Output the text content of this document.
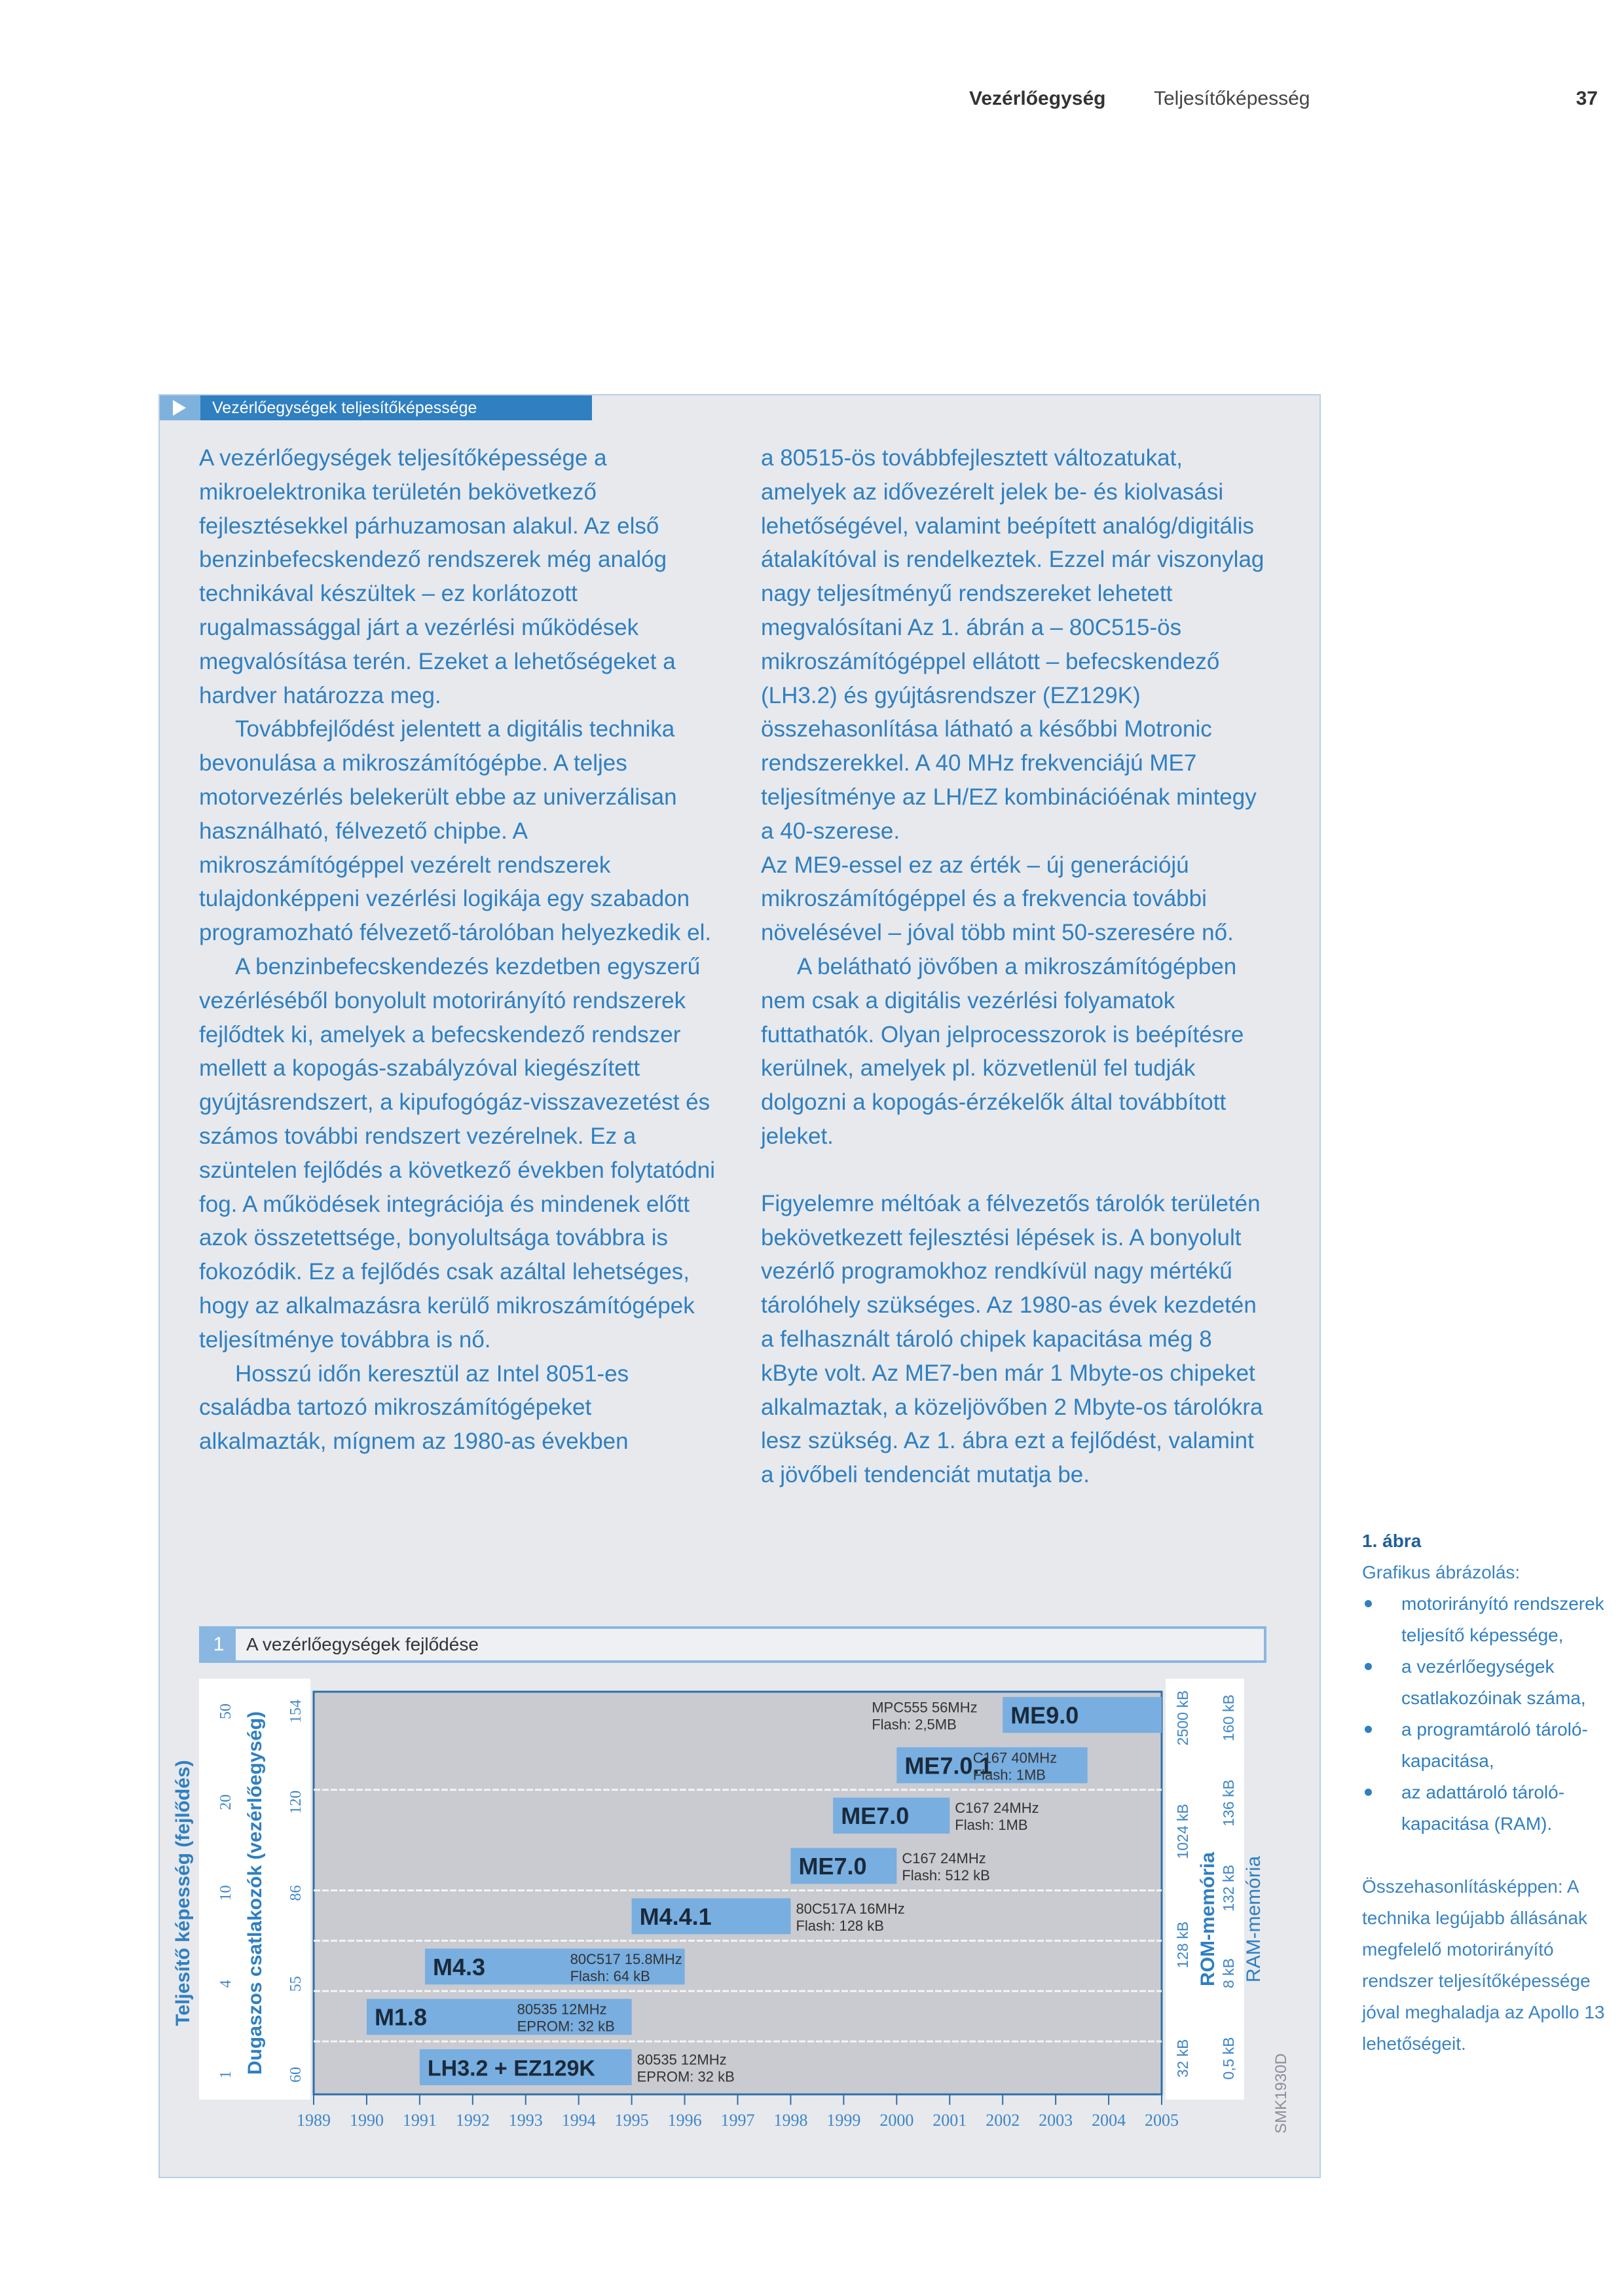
Vezérlőegység Teljesítőképesség	37
Vezérlőegységek teljesítőképessége

A vezérlőegységek teljesítőképessége a mikroelektronika területén bekövetkező fejlesztésekkel párhuzamosan alakul. Az első benzinbefecskendező rendszerek még analóg technikával készültek – ez korlátozott rugalmassággal járt a vezérlési működések megvalósítása terén. Ezeket a lehetőségeket a hardver határozza meg.

Továbbfejlődést jelentett a digitális technika bevonulása a mikroszámítógépbe. A teljes motorvezérlés belekerült ebbe az univerzálisan használható, félvezető chipbe. A mikroszámítógéppel vezérelt rendszerek tulajdonképpeni vezérlési logikája egy szabadon programozható félvezető-tárolóban helyezkedik el.

A benzinbefecskendezés kezdetben egyszerű vezérléséből bonyolult motorirányító rendszerek fejlődtek ki, amelyek a befecskendező rendszer mellett a kopogás-szabályzóval kiegészített gyújtásrendszert, a kipufogógáz-visszavezetést és számos további rendszert vezérelnek. Ez a szüntelen fejlődés a következő években folytatódni fog. A működések integrációja és mindenek előtt azok összetettsége, bonyolultsága továbbra is fokozódik. Ez a fejlődés csak azáltal lehetséges, hogy az alkalmazásra kerülő mikroszámítógépek teljesítménye továbbra is nő.

Hosszú időn keresztül az Intel 8051-es családba tartozó mikroszámítógépeket alkalmazták, mígnem az 1980-as években

a 80515-ös továbbfejlesztett változatukat, amelyek az idővezérelt jelek be- és kiolvasási lehetőségével, valamint beépített analóg/digitális átalakítóval is rendelkeztek. Ezzel már viszonylag nagy teljesítményű rendszereket lehetett megvalósítani Az 1. ábrán a – 80C515-ös mikroszámítógéppel ellátott – befecskendező (LH3.2) és gyújtásrendszer (EZ129K) összehasonlítása látható a későbbi Motronic rendszerekkel. A 40 MHz frekvenciájú ME7 teljesítménye az LH/EZ kombinációénak mintegy a 40-szerese.

Az ME9-essel ez az érték – új generációjú mikroszámítógéppel és a frekvencia további növelésével – jóval több mint 50-szeresére nő.

A belátható jövőben a mikroszámítógépben nem csak a digitális vezérlési folyamatok futtathatók. Olyan jelprocesszorok is beépítésre kerülnek, amelyek pl. közvetlenül fel tudják dolgozni a kopogás-érzékelők által továbbított jeleket.

Figyelemre méltóak a félvezetős tárolók területén bekövetkezett fejlesztési lépések is. A bonyolult vezérlő programokhoz rendkívül nagy mértékű tárolóhely szükséges. Az 1980-as évek kezdetén a felhasznált tároló chipek kapacitása még 8 kByte volt. Az ME7-ben már 1 Mbyte-os chipeket alkalmaztak, a közeljövőben 2 Mbyte-os tárolókra lesz szükség. Az 1. ábra ezt a fejlődést, valamint a jövőbeli tendenciát mutatja be.

1	A vezérlőegységek fejlődése
LH3.2 + EZ129K	80535 12MHz
EPROM: 32 kB
M1.8	80535 12MHz
EPROM: 32 kB
M4.3	80C517 15.8MHz
Flash: 64 kB
M4.4.1	80C517A 16MHz
Flash: 128 kB
ME7.0 C167 24MHz
Flash: 512 kB
ME7.0	C167 24MHz
Flash: 1MB
ME7.0.1
C167 40MHz
Flash: 1MB
ME9.0
MPC555 56MHz
Flash: 2,5MB
1989 1990 1991 1992 1993 1994 1995 1996 1997 1998 1999 2000 2001 2002 2003 2004 2005
Teljesítő képesség (fejlődés)
1
4
10
20
50 Dugaszos csatlakozók (vezérlőegység) 60
55
86
120
154
ROM-memória
32 kB
128 kB
1024 kB
2500 kB
RAM-memória
0,5 kB
8 kB
132 kB
136 kB
160 kB
SMK1930D
1. ábra
Grafikus ábrázolás:
motorirányító rendszerek teljesítő képessége,
a vezérlőegységek csatlakozóinak száma,
a programtároló tároló-kapacitása,
az adattároló tároló-kapacitása (RAM).
Összehasonlításképpen: A technika legújabb állásának megfelelő motorirányító rendszer teljesítőképessége jóval meghaladja az Apollo 13 lehetőségeit.
